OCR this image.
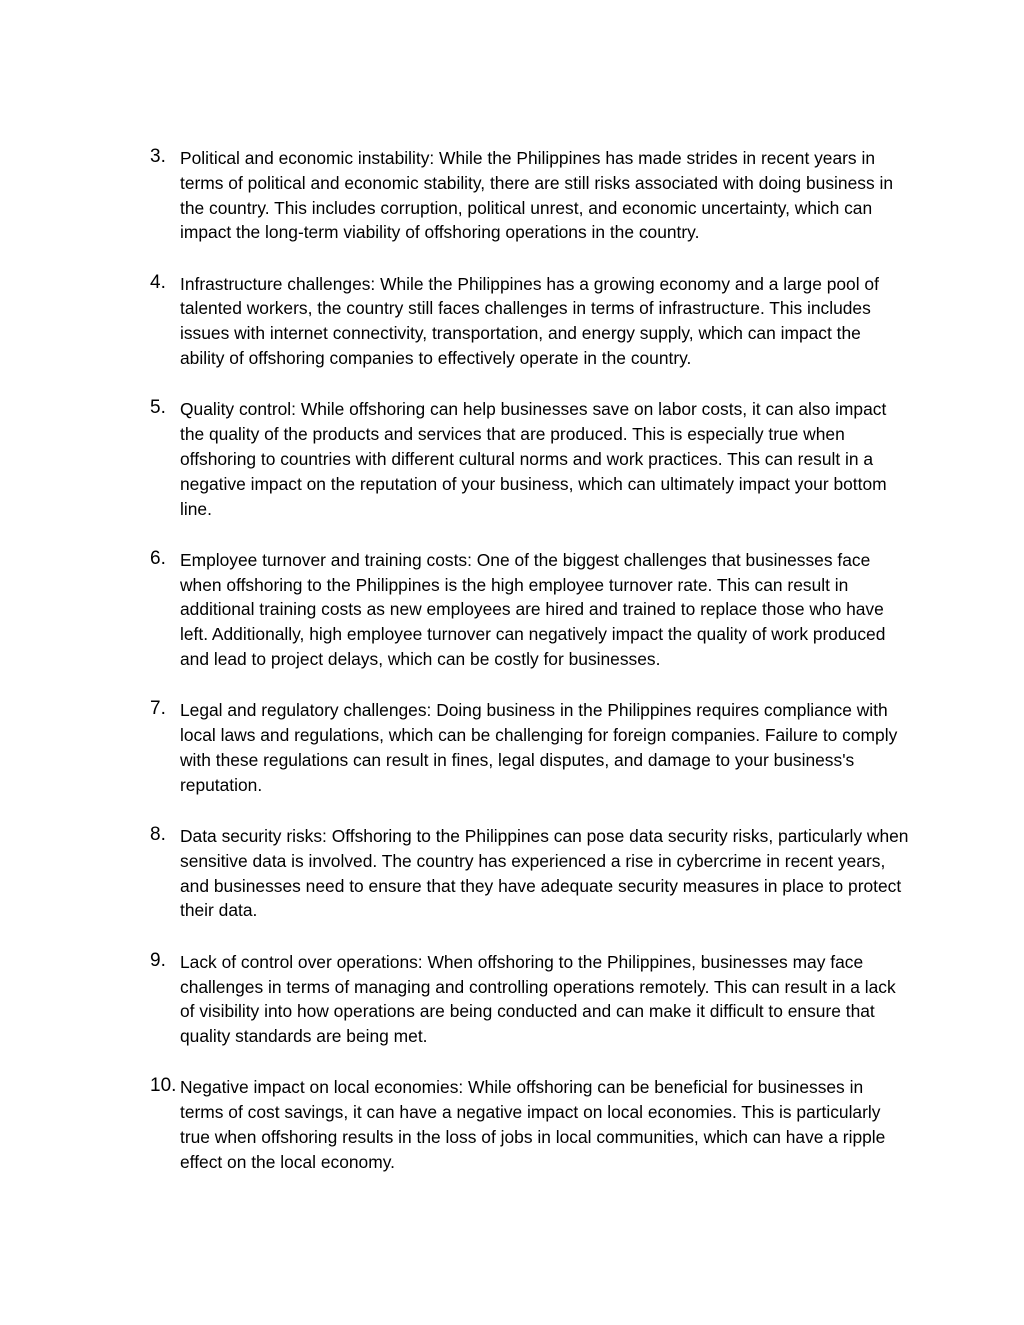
3. Political and economic instability: While the Philippines has made strides in recent years in terms of political and economic stability, there are still risks associated with doing business in the country. This includes corruption, political unrest, and economic uncertainty, which can impact the long-term viability of offshoring operations in the country.
4. Infrastructure challenges: While the Philippines has a growing economy and a large pool of talented workers, the country still faces challenges in terms of infrastructure. This includes issues with internet connectivity, transportation, and energy supply, which can impact the ability of offshoring companies to effectively operate in the country.
5. Quality control: While offshoring can help businesses save on labor costs, it can also impact the quality of the products and services that are produced. This is especially true when offshoring to countries with different cultural norms and work practices. This can result in a negative impact on the reputation of your business, which can ultimately impact your bottom line.
6. Employee turnover and training costs: One of the biggest challenges that businesses face when offshoring to the Philippines is the high employee turnover rate. This can result in additional training costs as new employees are hired and trained to replace those who have left. Additionally, high employee turnover can negatively impact the quality of work produced and lead to project delays, which can be costly for businesses.
7. Legal and regulatory challenges: Doing business in the Philippines requires compliance with local laws and regulations, which can be challenging for foreign companies. Failure to comply with these regulations can result in fines, legal disputes, and damage to your business's reputation.
8. Data security risks: Offshoring to the Philippines can pose data security risks, particularly when sensitive data is involved. The country has experienced a rise in cybercrime in recent years, and businesses need to ensure that they have adequate security measures in place to protect their data.
9. Lack of control over operations: When offshoring to the Philippines, businesses may face challenges in terms of managing and controlling operations remotely. This can result in a lack of visibility into how operations are being conducted and can make it difficult to ensure that quality standards are being met.
10. Negative impact on local economies: While offshoring can be beneficial for businesses in terms of cost savings, it can have a negative impact on local economies. This is particularly true when offshoring results in the loss of jobs in local communities, which can have a ripple effect on the local economy.
